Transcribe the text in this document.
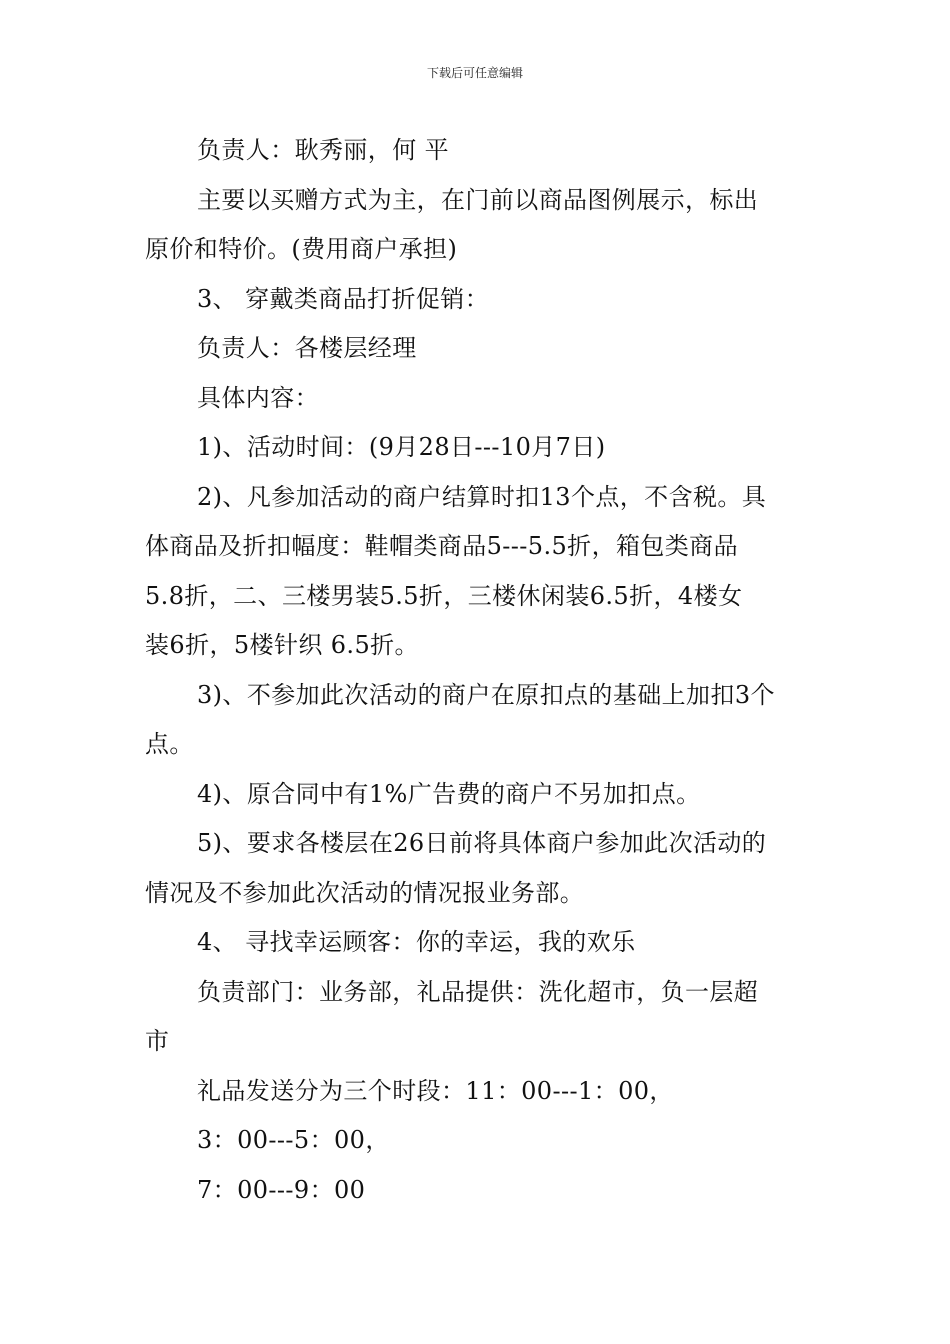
下载后可任意编辑
负责人：耿秀丽，何 平
主要以买赠方式为主，在门前以商品图例展示，标出
原价和特价。(费用商户承担)
3、 穿戴类商品打折促销：
负责人：各楼层经理
具体内容：
1)、活动时间：(9月28日---10月7日)
2)、凡参加活动的商户结算时扣13个点，不含税。具
体商品及折扣幅度：鞋帽类商品5---5.5折，箱包类商品
5.8折，二、三楼男装5.5折，三楼休闲装6.5折，4楼女
装6折，5楼针织 6.5折。
3)、不参加此次活动的商户在原扣点的基础上加扣3个
点。
4)、原合同中有1%广告费的商户不另加扣点。
5)、要求各楼层在26日前将具体商户参加此次活动的
情况及不参加此次活动的情况报业务部。
4、 寻找幸运顾客：你的幸运，我的欢乐
负责部门：业务部，礼品提供：洗化超市，负一层超
市
礼品发送分为三个时段：11：00---1：00，
3：00---5：00，
7：00---9：00
